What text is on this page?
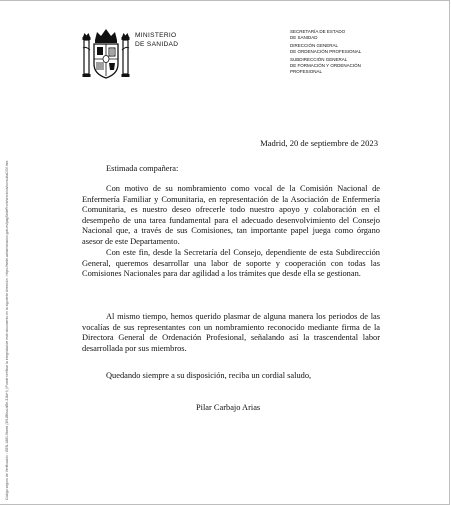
Código seguro de Verificación : GEN-1880-9bced (3!9-8f6ca-bf5e-31fa+l) | Puede verificar la integridad de este documento en la siguiente dirección : https://sede.administracion.gob.es/pagSedeFront/servicios/consultaCSV.htm
MINISTERIO
DE SANIDAD
SECRETARÍA DE ESTADO
DE SANIDAD
DIRECCIÓN GENERAL
DE ORDENACIÓN PROFESIONAL
SUBDIRECCIÓN GENERAL
DE FORMACIÓN Y ORDENACIÓN
PROFESIONAL
Madrid, 20 de septiembre de 2023
Estimada compañera:

Con motivo de su nombramiento como vocal de la Comisión Nacional de Enfermería Familiar y Comunitaria, en representación de la Asociación de Enfermería Comunitaria, es nuestro deseo ofrecerle todo nuestro apoyo y colaboración en el desempeño de una tarea fundamental para el adecuado desenvolvimiento del Consejo Nacional que, a través de sus Comisiones, tan importante papel juega como órgano asesor de este Departamento.

Con este fin, desde la Secretaría del Consejo, dependiente de esta Subdirección General, queremos desarrollar una labor de soporte y cooperación con todas las Comisiones Nacionales para dar agilidad a los trámites que desde ella se gestionan.

Al mismo tiempo, hemos querido plasmar de alguna manera los periodos de las vocalías de sus representantes con un nombramiento reconocido mediante firma de la Directora General de Ordenación Profesional, señalando así la trascendental labor desarrollada por sus miembros.

Quedando siempre a su disposición, reciba un cordial saludo,
Pilar Carbajo Arias
